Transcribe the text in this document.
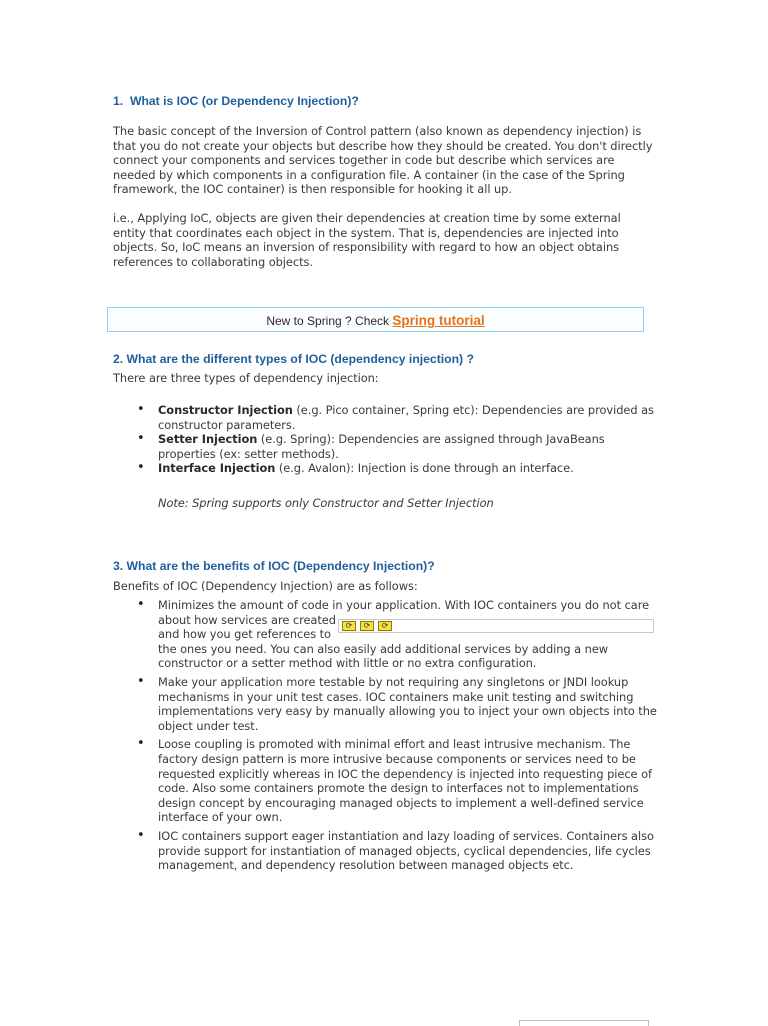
1. What is IOC (or Dependency Injection)?

The basic concept of the Inversion of Control pattern (also known as dependency injection) is that you do not create your objects but describe how they should be created. You don't directly connect your components and services together in code but describe which services are needed by which components in a configuration file. A container (in the case of the Spring framework, the IOC container) is then responsible for hooking it all up.

i.e., Applying IoC, objects are given their dependencies at creation time by some external entity that coordinates each object in the system. That is, dependencies are injected into objects. So, IoC means an inversion of responsibility with regard to how an object obtains references to collaborating objects.

New to Spring ? Check Spring tutorial
2. What are the different types of IOC (dependency injection) ?

There are three types of dependency injection:

• Constructor Injection (e.g. Pico container, Spring etc): Dependencies are provided as constructor parameters.
• Setter Injection (e.g. Spring): Dependencies are assigned through JavaBeans properties (ex: setter methods).
• Interface Injection (e.g. Avalon): Injection is done through an interface.
Note: Spring supports only Constructor and Setter Injection
3. What are the benefits of IOC (Dependency Injection)?

Benefits of IOC (Dependency Injection) are as follows:

• Minimizes the amount of code in your application. With IOC containers you do not care
about how services are created
and how you get references to
the ones you need. You can also easily add additional services by adding a new constructor or a setter method with little or no extra configuration.
• Make your application more testable by not requiring any singletons or JNDI lookup mechanisms in your unit test cases. IOC containers make unit testing and switching implementations very easy by manually allowing you to inject your own objects into the object under test.
• Loose coupling is promoted with minimal effort and least intrusive mechanism. The factory design pattern is more intrusive because components or services need to be requested explicitly whereas in IOC the dependency is injected into requesting piece of code. Also some containers promote the design to interfaces not to implementations design concept by encouraging managed objects to implement a well-defined service interface of your own.
• IOC containers support eager instantiation and lazy loading of services. Containers also provide support for instantiation of managed objects, cyclical dependencies, life cycles management, and dependency resolution between managed objects etc.
⟳	⟳	⟳
